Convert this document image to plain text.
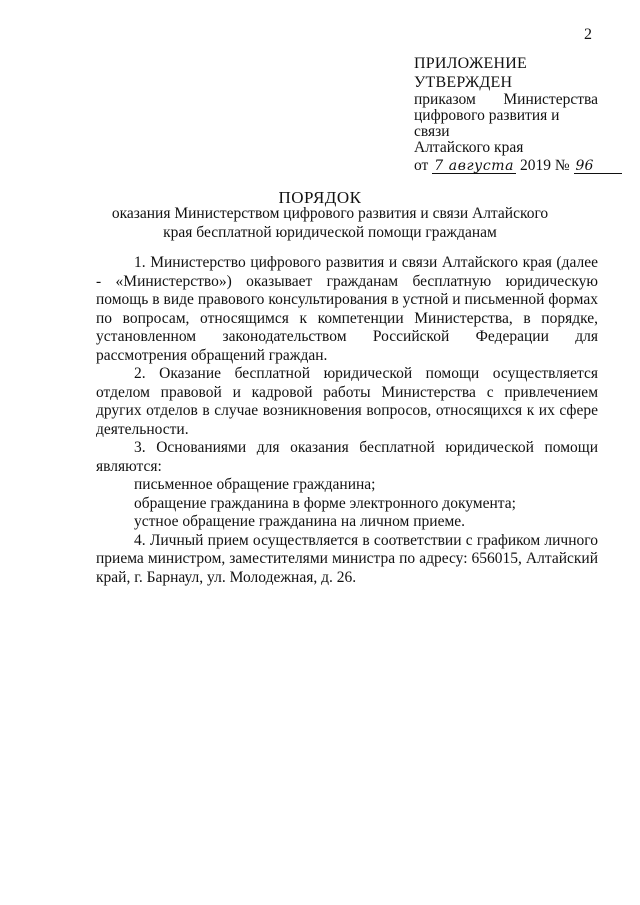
2
ПРИЛОЖЕНИЕ
УТВЕРЖДЕН
приказом Министерства
цифрового развития и связи
Алтайского края
от 7 августа 2019 № 96
ПОРЯДОК
оказания Министерством цифрового развития и связи Алтайского края бесплатной юридической помощи гражданам

1. Министерство цифрового развития и связи Алтайского края (далее - «Министерство») оказывает гражданам бесплатную юридическую помощь в виде правового консультирования в устной и письменной формах по вопросам, относящимся к компетенции Министерства, в порядке, установленном законодательством Российской Федерации для рассмотрения обращений граждан.

2. Оказание бесплатной юридической помощи осуществляется отделом правовой и кадровой работы Министерства с привлечением других отделов в случае возникновения вопросов, относящихся к их сфере деятельности.

3. Основаниями для оказания бесплатной юридической помощи являются:

письменное обращение гражданина;

обращение гражданина в форме электронного документа;

устное обращение гражданина на личном приеме.

4. Личный прием осуществляется в соответствии с графиком личного приема министром, заместителями министра по адресу: 656015, Алтайский край, г. Барнаул, ул. Молодежная, д. 26.
